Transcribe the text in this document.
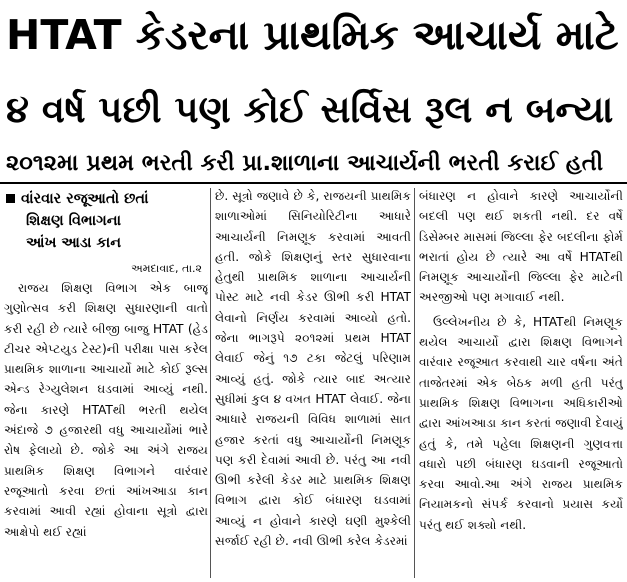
HTAT કેડરના પ્રાથમિક આચાર્ય માટે
૪ વર્ષ પછી પણ કોઈ સર્વિસ રૂલ ન બન્યા
૨૦૧૨મા પ્રથમ ભરતી કરી પ્રા.શાળાના આચાર્યની ભરતી કરાઈ હતી
વાંરવાર રજૂઆતો છતાં
શિક્ષણ વિભાગના
આંખ આડા કાન
અમદાવાદ, તા.૨

રાજય શિક્ષણ વિભાગ એક બાજૂ ગુણોત્સવ કરી શિક્ષણ સુધારણાની વાતો કરી રહી છે ત્યારે બીજી બાજુ HTAT (હેડ ટીચર એપ્ટયુડ ટેસ્ટ)ની પરીક્ષા પાસ કરેલ પ્રાથમિક શાળાના આચાર્યો માટે કોઈ રૂલ્સ એન્ડ રેગ્યુલેશન ઘડવામાં આવ્યું નથી. જેના કારણે HTATથી ભરતી થયેલ અંદાજે ૭ હજારથી વધુ આચાર્યોમાં ભારે રોષ ફેલાયો છે. જોકે આ અંગે રાજય પ્રાથમિક શિક્ષણ વિભાગને વારંવાર રજૂઆતો કરવા છતાં આંખઆડા કાન કરવામાં આવી રહ્યાં હોવાના સૂત્રો દ્વારા આક્ષેપો થઈ રહ્યાં

છે. સૂત્રો જણાવે છે કે, રાજયની પ્રાથમિક શાળાઓમાં સિનિયોરિટીના આધારે આચાર્યની નિમણૂક કરવામાં આવતી હતી. જોકે શિક્ષણનું સ્તર સુધારવાના હેતુથી પ્રાથમિક શાળાના આચાર્યની પોસ્ટ માટે નવી કેડર ઊભી કરી HTAT લેવાનો નિર્ણય કરવામાં આવ્યો હતો. જેના ભાગરૂપે ૨૦૧૨માં પ્રથમ HTAT લેવાઈ જેનું ૧૭ ટકા જેટલું પરિણામ આવ્યું હતું. જોકે ત્યાર બાદ અત્યાર સુધીમાં કુલ ૪ વખત HTAT લેવાઈ. જેના આધારે રાજયની વિવિધ શાળામાં સાત હજાર કરતાં વધુ આચાર્યોની નિમણૂક પણ કરી દેવામાં આવી છે. પરંતુ આ નવી ઊભી કરેલી કેડર માટે પ્રાથમિક શિક્ષણ વિભાગ દ્વારા કોઈ બંધારણ ઘડવામાં આવ્યું ન હોવાને કારણે ઘણી મુશ્કેલી સર્જાઈ રહી છે. નવી ઊભી કરેલ કેડરમાં

બંધારણ ન હોવાને કારણે આચાર્યોની બદલી પણ થઈ શકતી નથી. દર વર્ષે ડિસેમ્બર માસમાં જિલ્લા ફેર બદલીના ફોર્મ ભરાતાં હોય છે ત્યારે આ વર્ષે HTATથી નિમણૂક આચાર્યોની જિલ્લા ફેર માટેની અરજીઓ પણ મગાવાઈ નથી.

ઉલ્લેખનીય છે કે, HTATથી નિમણૂક થયેલ આચાર્યો દ્વારા શિક્ષણ વિભાગને વારંવાર રજૂઆત કરવાથી ચાર વર્ષના અંતે તાજેતરમાં એક બેઠક મળી હતી પરંતુ પ્રાથમિક શિક્ષણ વિભાગના અધિકારીઓ દ્વારા આંખઆડા કાન કરતાં જણાવી દેવાયું હતું કે, તમે પહેલા શિક્ષણની ગુણવત્તા વધારો પછી બંધારણ ઘડવાની રજૂઆતો કરવા આવો.આ અંગે રાજય પ્રાથમિક નિયામકનો સંપર્ક કરવાનો પ્રયાસ કર્યો પરંતુ થઈ શક્યો નથી.
